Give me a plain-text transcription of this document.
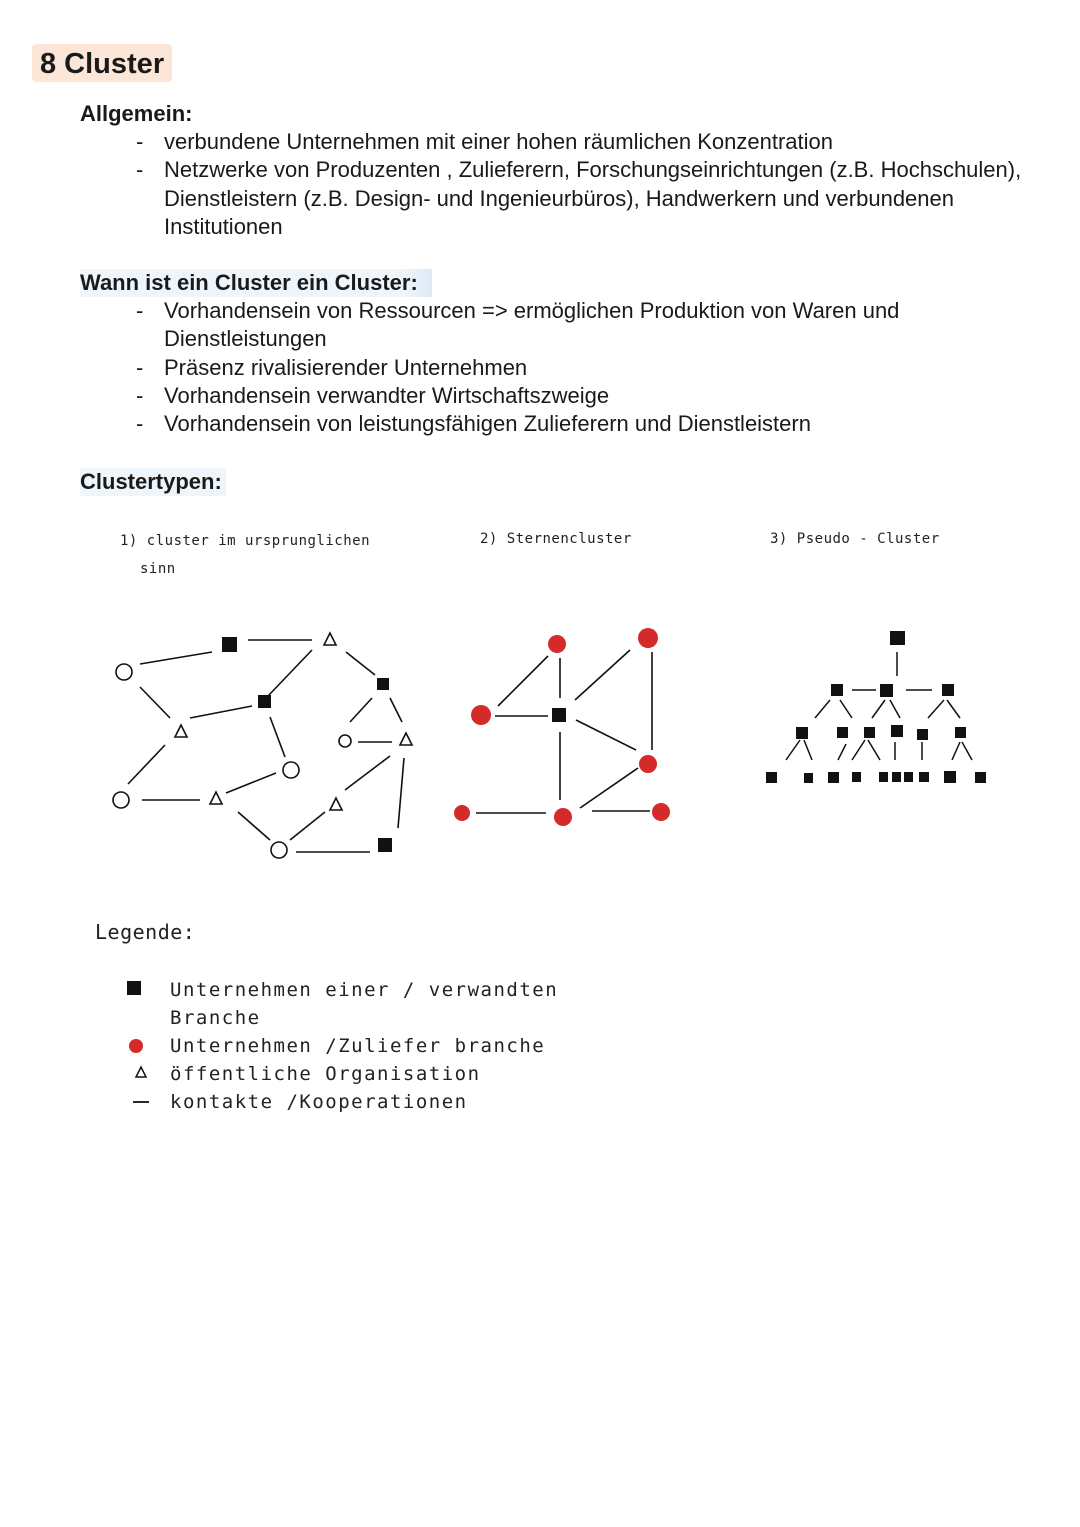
8 Cluster
Allgemein:
- verbundene Unternehmen mit einer hohen räumlichen Konzentration
- Netzwerke von Produzenten , Zulieferern, Forschungseinrichtungen (z.B. Hochschulen), Dienstleistern (z.B. Design- und Ingenieurbüros), Handwerkern und verbundenen Institutionen
Wann ist ein Cluster ein Cluster:
- Vorhandensein von Ressourcen => ermöglichen Produktion von Waren und Dienstleistungen
- Präsenz rivalisierender Unternehmen
- Vorhandensein verwandter Wirtschaftszweige
- Vorhandensein von leistungsfähigen Zulieferern und Dienstleistern
Clustertypen:
1) cluster im ursprunglichen
sinn
2) Sternencluster	3) Pseudo - Cluster
Legende:
Unternehmen einer / verwandten
Branche
Unternehmen /Zuliefer branche
öffentliche Organisation
kontakte /Kooperationen
